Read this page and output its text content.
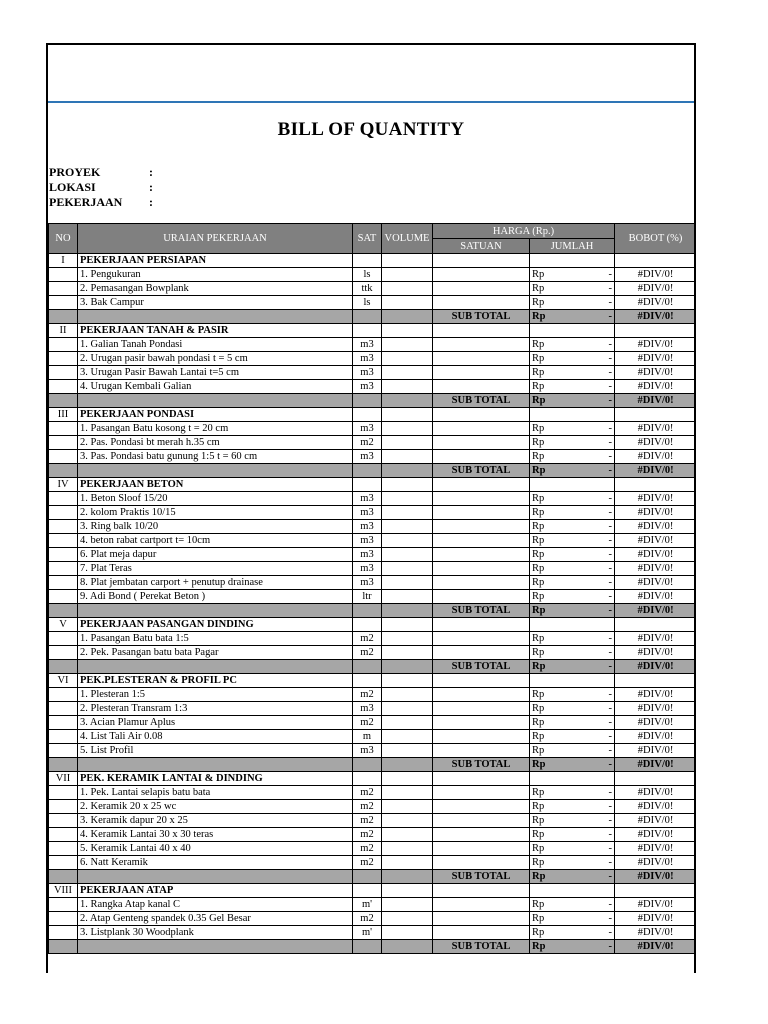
BILL OF QUANTITY
PROYEK	:
LOKASI	:
PEKERJAAN :
NO	URAIAN PEKERJAAN	SAT	VOLUME	HARGA (Rp.)			BOBOT (%)
				SATUAN	JUMLAH		
I	PEKERJAAN PERSIAPAN						
	1. Pengukuran	ls			Rp	-	#DIV/0!
	2. Pemasangan Bowplank	ttk			Rp	-	#DIV/0!
	3. Bak Campur	ls			Rp	-	#DIV/0!
				SUB TOTAL	Rp	-	#DIV/0!
II	PEKERJAAN TANAH & PASIR						
	1. Galian Tanah Pondasi	m3			Rp	-	#DIV/0!
	2. Urugan pasir bawah pondasi t = 5 cm	m3			Rp	-	#DIV/0!
	3. Urugan Pasir Bawah Lantai t=5 cm	m3			Rp	-	#DIV/0!
	4. Urugan Kembali Galian	m3			Rp	-	#DIV/0!
				SUB TOTAL	Rp	-	#DIV/0!
III	PEKERJAAN PONDASI						
	1. Pasangan Batu kosong t = 20 cm	m3			Rp	-	#DIV/0!
	2. Pas. Pondasi bt merah h.35 cm	m2			Rp	-	#DIV/0!
	3. Pas. Pondasi batu gunung 1:5 t = 60 cm	m3			Rp	-	#DIV/0!
				SUB TOTAL	Rp	-	#DIV/0!
IV	PEKERJAAN BETON						
	1. Beton Sloof 15/20	m3			Rp	-	#DIV/0!
	2. kolom Praktis 10/15	m3			Rp	-	#DIV/0!
	3. Ring balk 10/20	m3			Rp	-	#DIV/0!
	4. beton rabat cartport t= 10cm	m3			Rp	-	#DIV/0!
	6. Plat meja dapur	m3			Rp	-	#DIV/0!
	7. Plat Teras	m3			Rp	-	#DIV/0!
	8. Plat jembatan carport + penutup drainase	m3			Rp	-	#DIV/0!
	9. Adi Bond ( Perekat Beton )	ltr			Rp	-	#DIV/0!
				SUB TOTAL	Rp	-	#DIV/0!
V	PEKERJAAN PASANGAN DINDING						
	1. Pasangan Batu bata 1:5	m2			Rp	-	#DIV/0!
	2. Pek. Pasangan batu bata Pagar	m2			Rp	-	#DIV/0!
				SUB TOTAL	Rp	-	#DIV/0!
VI	PEK.PLESTERAN & PROFIL PC						
	1. Plesteran 1:5	m2			Rp	-	#DIV/0!
	2. Plesteran Transram 1:3	m3			Rp	-	#DIV/0!
	3. Acian Plamur Aplus	m2			Rp	-	#DIV/0!
	4. List Tali Air 0.08	m			Rp	-	#DIV/0!
	5. List Profil	m3			Rp	-	#DIV/0!
				SUB TOTAL	Rp	-	#DIV/0!
VII	PEK. KERAMIK LANTAI & DINDING						
	1. Pek. Lantai selapis batu bata	m2			Rp	-	#DIV/0!
	2. Keramik 20 x 25 wc	m2			Rp	-	#DIV/0!
	3. Keramik dapur 20 x 25	m2			Rp	-	#DIV/0!
	4. Keramik Lantai 30 x 30 teras	m2			Rp	-	#DIV/0!
	5. Keramik Lantai 40 x 40	m2			Rp	-	#DIV/0!
	6. Natt Keramik	m2			Rp	-	#DIV/0!
				SUB TOTAL	Rp	-	#DIV/0!
VIII	PEKERJAAN ATAP						
	1. Rangka Atap kanal C	m'			Rp	-	#DIV/0!
	2. Atap Genteng spandek 0.35 Gel Besar	m2			Rp	-	#DIV/0!
	3. Listplank 30 Woodplank	m'			Rp	-	#DIV/0!
				SUB TOTAL	Rp	-	#DIV/0!
